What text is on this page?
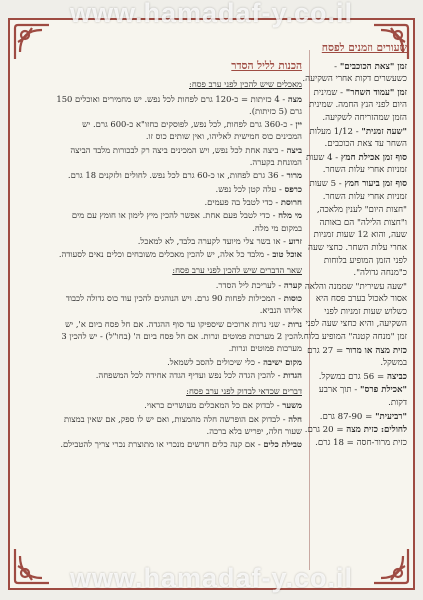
www.hamadaf-y.co.il
שעורים וזמנים לפסח
זמן "צאת הכוכבים" - כשעשרים דקות אחרי השקיעה.
זמן "עמוד השחר" - שמינית היום לפני הנץ החמה. שמינית הזמן שמהזריחה לשקיעה.
"שעה זמנית" - 1/12 מעלות השחר עד צאת הכוכבים.
סוף זמן אכילת חמץ - 4 שעות זמניות אחרי עלות השחר.
סוף זמן ביעור חמץ - 5 שעות זמניות אחרי עלות השחר.
"חצות היום" לענין מלאכה, ו"חצות הלילה" הם באותה שעה, והוא 12 שעות זמניות אחרי עלות השחר. כחצי שעה לפני הזמן המופיע בלוחות כ"מנחה גדולה".
"שעה עשירית" שממנה והלאה אסור לאכול בערב פסח היא כשלוש שעות זמניות לפני השקיעה, והיא כחצי שעה לפני זמן "מנחה קטנה" המופיע בלוח.
כזית מצה או מרור = 27 גרם במשקל.
כביצה = 56 גרם במשקל.
"אכילת פרס" - תוך ארבע דקות.
"רביעית" = 87-90 גרם.
לחולים: כזית מצה = 20 גרם. כזית מרור-חסה = 18 גרם.
הכנות לליל הסדר
מאכלים שיש להכין לפני ערב פסח:
מצה - 4 כזיתות = כ-120 גרם לפחות לכל נפש. יש מחמירים ואוכלים 150 גרם (5 כזיתות).
יין - כ-360 גרם לפחות, לכל נפש, לפוסקים כחזו"א כ-600 גרם. יש המכינים כוס חמישית לאליהו, ואין שותים כוס זו.
ביצה - ביצה אחת לכל נפש, ויש המכינים ביצה רק לבכורות מלבד הביצה המונחת בקערה.
מרור - 36 גרם לפחות, או כ-60 גרם לכל נפש. לחולים ולזקנים 18 גרם.
כרפס - עלה קטן לכל נפש.
חרוסת - כדי לטבל בה פעמים.
מי מלח - כדי לטבל פעם אחת. אפשר להכין מיץ לימון או חומץ עם מים במקום מי מלח.
זרוע - או בשר צלי מיועד לקערה בלבד, לא למאכל.
אוכל טוב - מלבד כל אלה, יש להכין מאכלים משובחים וכלים נאים לסעודה.
שאר הדברים שיש להכין לפני ערב פסח:
קערה - לעריכת ליל הסדר.
כוסות - המכילות לפחות 90 גרם. ויש הנוהגים להכין עוד כוס גדולה לכבוד אליהו הנביא.
נרות - שני נרות ארוכים שיספיקו עד סוף ההגדה. אם חל פסח ביום א', יש להכין 2 מערכות פמוטים ונרות. אם חל פסח ביום ה' (בחו"ל) - יש להכין 3 מערכות פמוטים ונרות.
מקום ישיבה - כלי שיכולים להסב לשמאל.
הגדות - להכין הגדה לכל נפש ועדיף הגדה אחידה לכל המשפחה.
דברים שכדאי לבדוק לפני ערב פסח:
משער - לבדוק אם כל המאכלים מעושרים כראוי.
חלה - לבדוק אם הופרשה חלה מהמצות, ואם יש לו ספק, אם שאין במצות שעור חלה, יפריש בלא ברכה.
טבילת כלים - אם קנה כלים חדשים מנכרי או מתוצרת נכרי צריך להטבילם.
www.hamadaf-y.co.il
